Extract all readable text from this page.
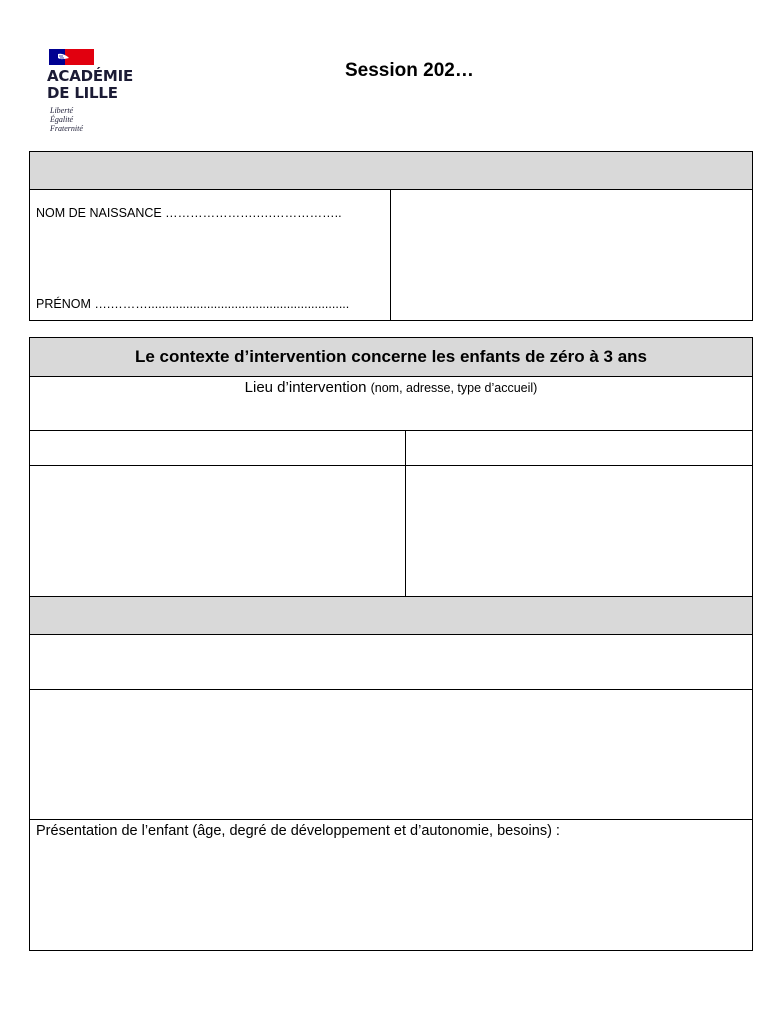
ACADÉMIE
DE LILLE
Liberté
Égalité
Fraternité
Session 202…
NOM DE NAISSANCE ………………….….……………..
PRÉNOM ….………..........................................................
Le contexte d’intervention concerne les enfants de zéro à 3 ans
Lieu d’intervention (nom, adresse, type d’accueil)
Présentation de l’enfant (âge, degré de développement et d’autonomie, besoins) :
